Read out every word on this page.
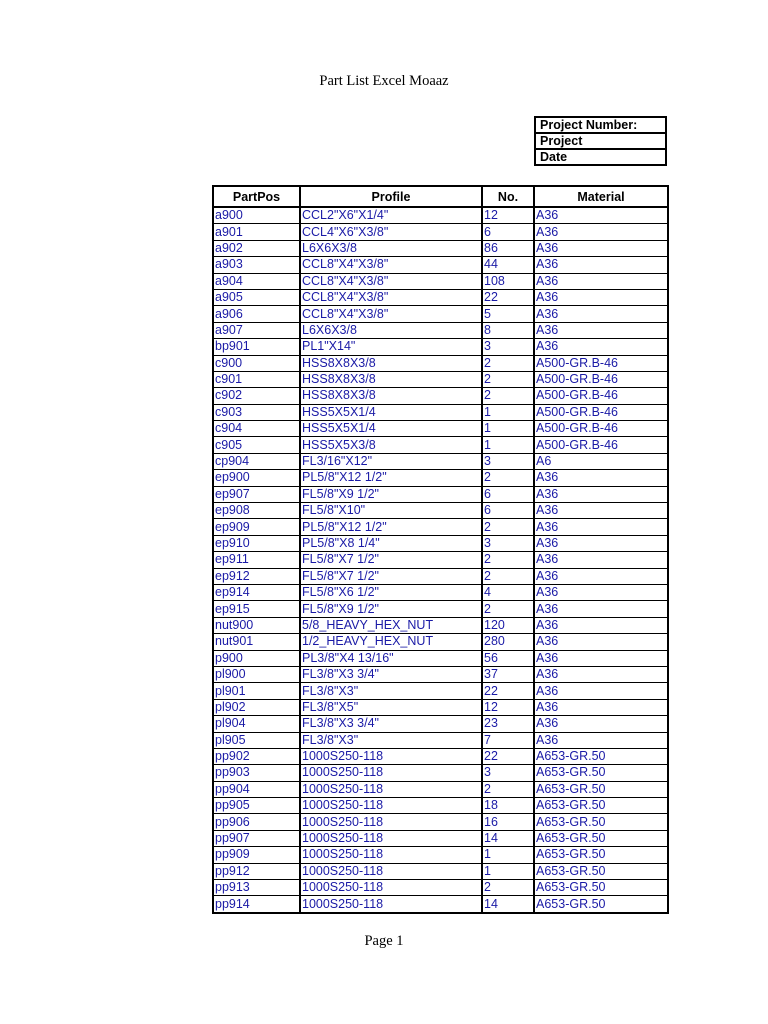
Part List Excel Moaaz
Project Number:
Project
Date
PartPos	Profile	No.	Material
a900	CCL2"X6"X1/4"	12	A36
a901	CCL4"X6"X3/8"	6	A36
a902	L6X6X3/8	86	A36
a903	CCL8"X4"X3/8"	44	A36
a904	CCL8"X4"X3/8"	108	A36
a905	CCL8"X4"X3/8"	22	A36
a906	CCL8"X4"X3/8"	5	A36
a907	L6X6X3/8	8	A36
bp901	PL1"X14"	3	A36
c900	HSS8X8X3/8	2	A500-GR.B-46
c901	HSS8X8X3/8	2	A500-GR.B-46
c902	HSS8X8X3/8	2	A500-GR.B-46
c903	HSS5X5X1/4	1	A500-GR.B-46
c904	HSS5X5X1/4	1	A500-GR.B-46
c905	HSS5X5X3/8	1	A500-GR.B-46
cp904	FL3/16"X12"	3	A6
ep900	PL5/8"X12 1/2"	2	A36
ep907	FL5/8"X9 1/2"	6	A36
ep908	FL5/8"X10"	6	A36
ep909	PL5/8"X12 1/2"	2	A36
ep910	PL5/8"X8 1/4"	3	A36
ep911	FL5/8"X7 1/2"	2	A36
ep912	FL5/8"X7 1/2"	2	A36
ep914	FL5/8"X6 1/2"	4	A36
ep915	FL5/8"X9 1/2"	2	A36
nut900	5/8_HEAVY_HEX_NUT	120	A36
nut901	1/2_HEAVY_HEX_NUT	280	A36
p900	PL3/8"X4 13/16"	56	A36
pl900	FL3/8"X3 3/4"	37	A36
pl901	FL3/8"X3"	22	A36
pl902	FL3/8"X5"	12	A36
pl904	FL3/8"X3 3/4"	23	A36
pl905	FL3/8"X3"	7	A36
pp902	1000S250-118	22	A653-GR.50
pp903	1000S250-118	3	A653-GR.50
pp904	1000S250-118	2	A653-GR.50
pp905	1000S250-118	18	A653-GR.50
pp906	1000S250-118	16	A653-GR.50
pp907	1000S250-118	14	A653-GR.50
pp909	1000S250-118	1	A653-GR.50
pp912	1000S250-118	1	A653-GR.50
pp913	1000S250-118	2	A653-GR.50
pp914	1000S250-118	14	A653-GR.50
Page 1
